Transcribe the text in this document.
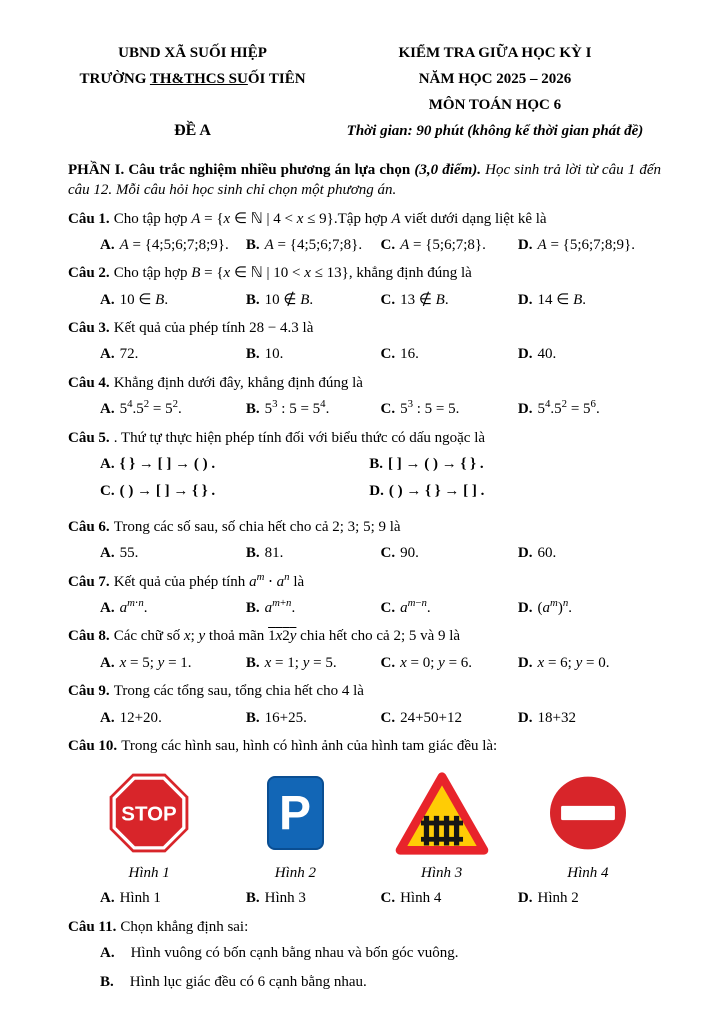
UBND XÃ SUỐI HIỆP
TRƯỜNG TH&THCS SUỐI TIÊN
ĐỀ A
KIỂM TRA GIỮA HỌC KỲ I
NĂM HỌC 2025 – 2026
MÔN TOÁN HỌC 6
Thời gian: 90 phút (không kể thời gian phát đề)

PHẦN I. Câu trắc nghiệm nhiều phương án lựa chọn (3,0 điểm). Học sinh trả lời từ câu 1 đến câu 12. Mỗi câu hỏi học sinh chỉ chọn một phương án.

Câu 1. Cho tập hợp A = {x ∈ ℕ | 4 < x ≤ 9}.Tập hợp A viết dưới dạng liệt kê là

A. A = {4;5;6;7;8;9}.	B. A = {4;5;6;7;8}.	C. A = {5;6;7;8}.	D. A = {5;6;7;8;9}.

Câu 2. Cho tập hợp B = {x ∈ ℕ | 10 < x ≤ 13}, khẳng định đúng là

A. 10 ∈ B.	B. 10 ∉ B.	C. 13 ∉ B.	D. 14 ∈ B.

Câu 3. Kết quả của phép tính 28 − 4.3 là

A. 72.	B. 10.	C. 16.	D. 40.

Câu 4. Khẳng định dưới đây, khẳng định đúng là

A. $5^4.5^2 = 5^2$.	B. $5^3$ : $5 = 5^4$.	C. $5^3$ : 5 = 5.	D. $5^4.5^2 = 5^6$.

Câu 5. . Thứ tự thực hiện phép tính đối với biểu thức có dấu ngoặc là

A. { } → [ ] → ( ) .	B. [ ] → ( ) → { } .
C. ( ) → [ ] → { } .	D. ( ) → { } → [ ] .

Câu 6. Trong các số sau, số chia hết cho cả 2; 3; 5; 9 là

A. 55.	B. 81.	C. 90.	D. 60.

Câu 7. Kết quả của phép tính $a^m \cdot a^n$ là

A. $a^{m\cdot n}$.	B. $a^{m+n}$.	C. $a^{m-n}$.	D. $(a^m)^n$.

Câu 8. Các chữ số x; y thoả mãn 1x2y chia hết cho cả 2; 5 và 9 là

A. x = 5; y = 1.	B. x = 1; y = 5.	C. x = 0; y = 6.	D. x = 6; y = 0.

Câu 9. Trong các tổng sau, tổng chia hết cho 4 là

A. 12+20.	B. 16+25.	C. 24+50+12	D. 18+32

Câu 10. Trong các hình sau, hình có hình ảnh của hình tam giác đều là:

STOP
Hình 1
P
Hình 2	Hình 3	Hình 4
A. Hình 1	B. Hình 3	C. Hình 4	D. Hình 2

Câu 11. Chọn khẳng định sai:

A. Hình vuông có bốn cạnh bằng nhau và bốn góc vuông.
B. Hình lục giác đều có 6 cạnh bằng nhau.
